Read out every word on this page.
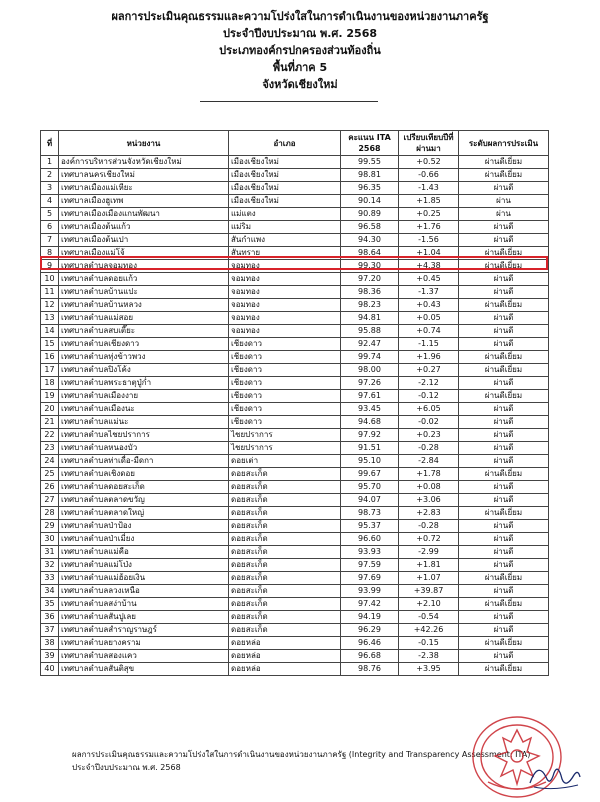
ผลการประเมินคุณธรรมและความโปร่งใสในการดำเนินงานของหน่วยงานภาครัฐ
ประจำปีงบประมาณ พ.ศ. 2568
ประเภทองค์กรปกครองส่วนท้องถิ่น
พื้นที่ภาค 5
จังหวัดเชียงใหม่
ที่	หน่วยงาน	อำเภอ	คะแนน ITA 2568	เปรียบเทียบปีที่ผ่านมา	ระดับผลการประเมิน
1	องค์การบริหารส่วนจังหวัดเชียงใหม่	เมืองเชียงใหม่	99.55	+0.52	ผ่านดีเยี่ยม
2	เทศบาลนครเชียงใหม่	เมืองเชียงใหม่	98.81	-0.66	ผ่านดีเยี่ยม
3	เทศบาลเมืองแม่เหียะ	เมืองเชียงใหม่	96.35	-1.43	ผ่านดี
4	เทศบาลเมืองฮูเทพ	เมืองเชียงใหม่	90.14	+1.85	ผ่าน
5	เทศบาลเมืองเมืองแกนพัฒนา	แม่แตง	90.89	+0.25	ผ่าน
6	เทศบาลเมืองต้นแก้ว	แม่ริม	96.58	+1.76	ผ่านดี
7	เทศบาลเมืองต้นเปา	สันกำแพง	94.30	-1.56	ผ่านดี
8	เทศบาลเมืองแม่โจ้	สันทราย	98.64	+1.04	ผ่านดีเยี่ยม
9	เทศบาลตำบลจอมทอง	จอมทอง	99.30	+4.38	ผ่านดีเยี่ยม
10	เทศบาลตำบลดอยแก้ว	จอมทอง	97.20	+0.45	ผ่านดี
11	เทศบาลตำบลบ้านแปะ	จอมทอง	98.36	-1.37	ผ่านดี
12	เทศบาลตำบลบ้านหลวง	จอมทอง	98.23	+0.43	ผ่านดีเยี่ยม
13	เทศบาลตำบลแม่สอย	จอมทอง	94.81	+0.05	ผ่านดี
14	เทศบาลตำบลสบเตี๊ยะ	จอมทอง	95.88	+0.74	ผ่านดี
15	เทศบาลตำบลเชียงดาว	เชียงดาว	92.47	-1.15	ผ่านดี
16	เทศบาลตำบลทุ่งข้าวพวง	เชียงดาว	99.74	+1.96	ผ่านดีเยี่ยม
17	เทศบาลตำบลปิงโค้ง	เชียงดาว	98.00	+0.27	ผ่านดีเยี่ยม
18	เทศบาลตำบลพระธาตุปู่ก่ำ	เชียงดาว	97.26	-2.12	ผ่านดี
19	เทศบาลตำบลเมืองงาย	เชียงดาว	97.61	-0.12	ผ่านดีเยี่ยม
20	เทศบาลตำบลเมืองนะ	เชียงดาว	93.45	+6.05	ผ่านดี
21	เทศบาลตำบลแม่นะ	เชียงดาว	94.68	-0.02	ผ่านดี
22	เทศบาลตำบลไชยปราการ	ไชยปราการ	97.92	+0.23	ผ่านดี
23	เทศบาลตำบลหนองบัว	ไชยปราการ	91.51	-0.28	ผ่านดี
24	เทศบาลตำบลท่าเดื่อ-มืดกา	ดอยเต่า	95.10	-2.84	ผ่านดี
25	เทศบาลตำบลเชิงดอย	ดอยสะเก็ด	99.67	+1.78	ผ่านดีเยี่ยม
26	เทศบาลตำบลดอยสะเก็ด	ดอยสะเก็ด	95.70	+0.08	ผ่านดี
27	เทศบาลตำบลตลาดขวัญ	ดอยสะเก็ด	94.07	+3.06	ผ่านดี
28	เทศบาลตำบลตลาดใหญ่	ดอยสะเก็ด	98.73	+2.83	ผ่านดีเยี่ยม
29	เทศบาลตำบลป่าป้อง	ดอยสะเก็ด	95.37	-0.28	ผ่านดี
30	เทศบาลตำบลป่าเมี่ยง	ดอยสะเก็ด	96.60	+0.72	ผ่านดี
31	เทศบาลตำบลแม่คือ	ดอยสะเก็ด	93.93	-2.99	ผ่านดี
32	เทศบาลตำบลแม่โป่ง	ดอยสะเก็ด	97.59	+1.81	ผ่านดี
33	เทศบาลตำบลแม่ฮ้อยเงิน	ดอยสะเก็ด	97.69	+1.07	ผ่านดีเยี่ยม
34	เทศบาลตำบลลวงเหนือ	ดอยสะเก็ด	93.99	+39.87	ผ่านดี
35	เทศบาลตำบลสง่าบ้าน	ดอยสะเก็ด	97.42	+2.10	ผ่านดีเยี่ยม
36	เทศบาลตำบลสันปูเลย	ดอยสะเก็ด	94.19	-0.54	ผ่านดี
37	เทศบาลตำบลสำราญราษฎร์	ดอยสะเก็ด	96.29	+42.26	ผ่านดี
38	เทศบาลตำบลยางคราม	ดอยหล่อ	96.46	-0.15	ผ่านดีเยี่ยม
39	เทศบาลตำบลสองแคว	ดอยหล่อ	96.68	-2.38	ผ่านดี
40	เทศบาลตำบลสันติสุข	ดอยหล่อ	98.76	+3.95	ผ่านดีเยี่ยม
ผลการประเมินคุณธรรมและความโปร่งใสในการดำเนินงานของหน่วยงานภาครัฐ (Integrity and Transparency Assessment: ITA)
ประจำปีงบประมาณ พ.ศ. 2568
